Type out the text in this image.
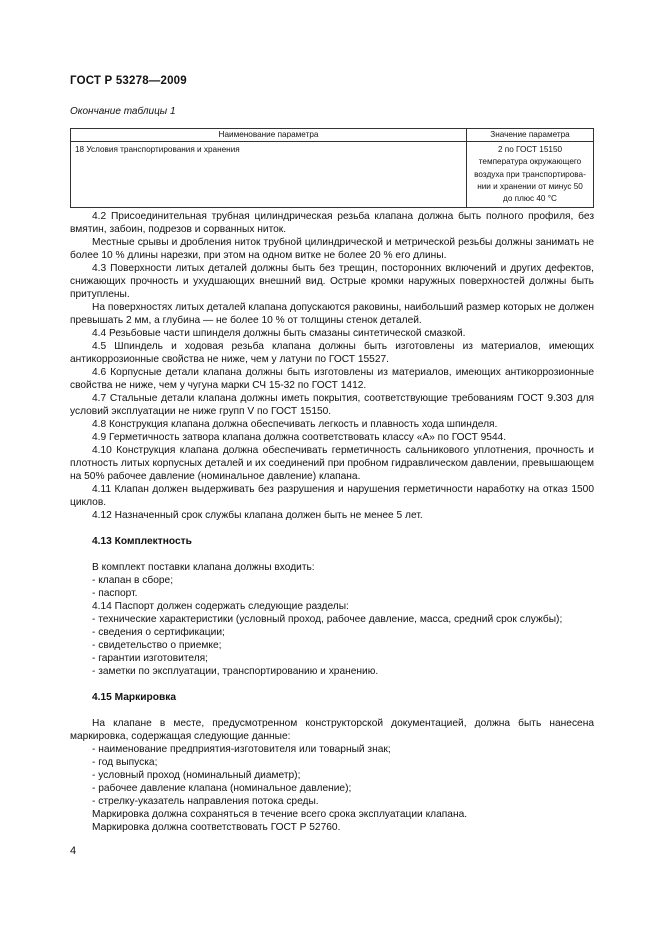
ГОСТ Р 53278—2009
Окончание таблицы 1
Наименование параметра	Значение параметра
18 Условия транспортирования и хранения	2 по ГОСТ 15150
температура окружающего
воздуха при транспортирова-
нии и хранении от минус 50
до плюс 40 °С

4.2 Присоединительная трубная цилиндрическая резьба клапана должна быть полного профиля, без вмятин, забоин, подрезов и сорванных ниток.

Местные срывы и дробления ниток трубной цилиндрической и метрической резьбы должны занимать не более 10 % длины нарезки, при этом на одном витке не более 20 % его длины.

4.3 Поверхности литых деталей должны быть без трещин, посторонних включений и других дефектов, снижающих прочность и ухудшающих внешний вид. Острые кромки наружных поверхностей должны быть притуплены.

На поверхностях литых деталей клапана допускаются раковины, наибольший размер которых не должен превышать 2 мм, а глубина — не более 10 % от толщины стенок деталей.

4.4 Резьбовые части шпинделя должны быть смазаны синтетической смазкой.

4.5 Шпиндель и ходовая резьба клапана должны быть изготовлены из материалов, имеющих антикоррозионные свойства не ниже, чем у латуни по ГОСТ 15527.

4.6 Корпусные детали клапана должны быть изготовлены из материалов, имеющих антикоррозионные свойства не ниже, чем у чугуна марки СЧ 15-32 по ГОСТ 1412.

4.7 Стальные детали клапана должны иметь покрытия, соответствующие требованиям ГОСТ 9.303 для условий эксплуатации не ниже групп V по ГОСТ 15150.

4.8 Конструкция клапана должна обеспечивать легкость и плавность хода шпинделя.

4.9 Герметичность затвора клапана должна соответствовать классу «А» по ГОСТ 9544.

4.10 Конструкция клапана должна обеспечивать герметичность сальникового уплотнения, прочность и плотность литых корпусных деталей и их соединений при пробном гидравлическом давлении, превышающем на 50% рабочее давление (номинальное давление) клапана.

4.11 Клапан должен выдерживать без разрушения и нарушения герметичности наработку на отказ 1500 циклов.

4.12 Назначенный срок службы клапана должен быть не менее 5 лет.

4.13 Комплектность

В комплект поставки клапана должны входить:

- клапан в сборе;

- паспорт.

4.14 Паспорт должен содержать следующие разделы:

- технические характеристики (условный проход, рабочее давление, масса, средний срок службы);

- сведения о сертификации;

- свидетельство о приемке;

- гарантии изготовителя;

- заметки по эксплуатации, транспортированию и хранению.

4.15 Маркировка

На клапане в месте, предусмотренном конструкторской документацией, должна быть нанесена маркировка, содержащая следующие данные:

- наименование предприятия-изготовителя или товарный знак;

- год выпуска;

- условный проход (номинальный диаметр);

- рабочее давление клапана (номинальное давление);

- стрелку-указатель направления потока среды.

Маркировка должна сохраняться в течение всего срока эксплуатации клапана.

Маркировка должна соответствовать ГОСТ Р 52760.

4
